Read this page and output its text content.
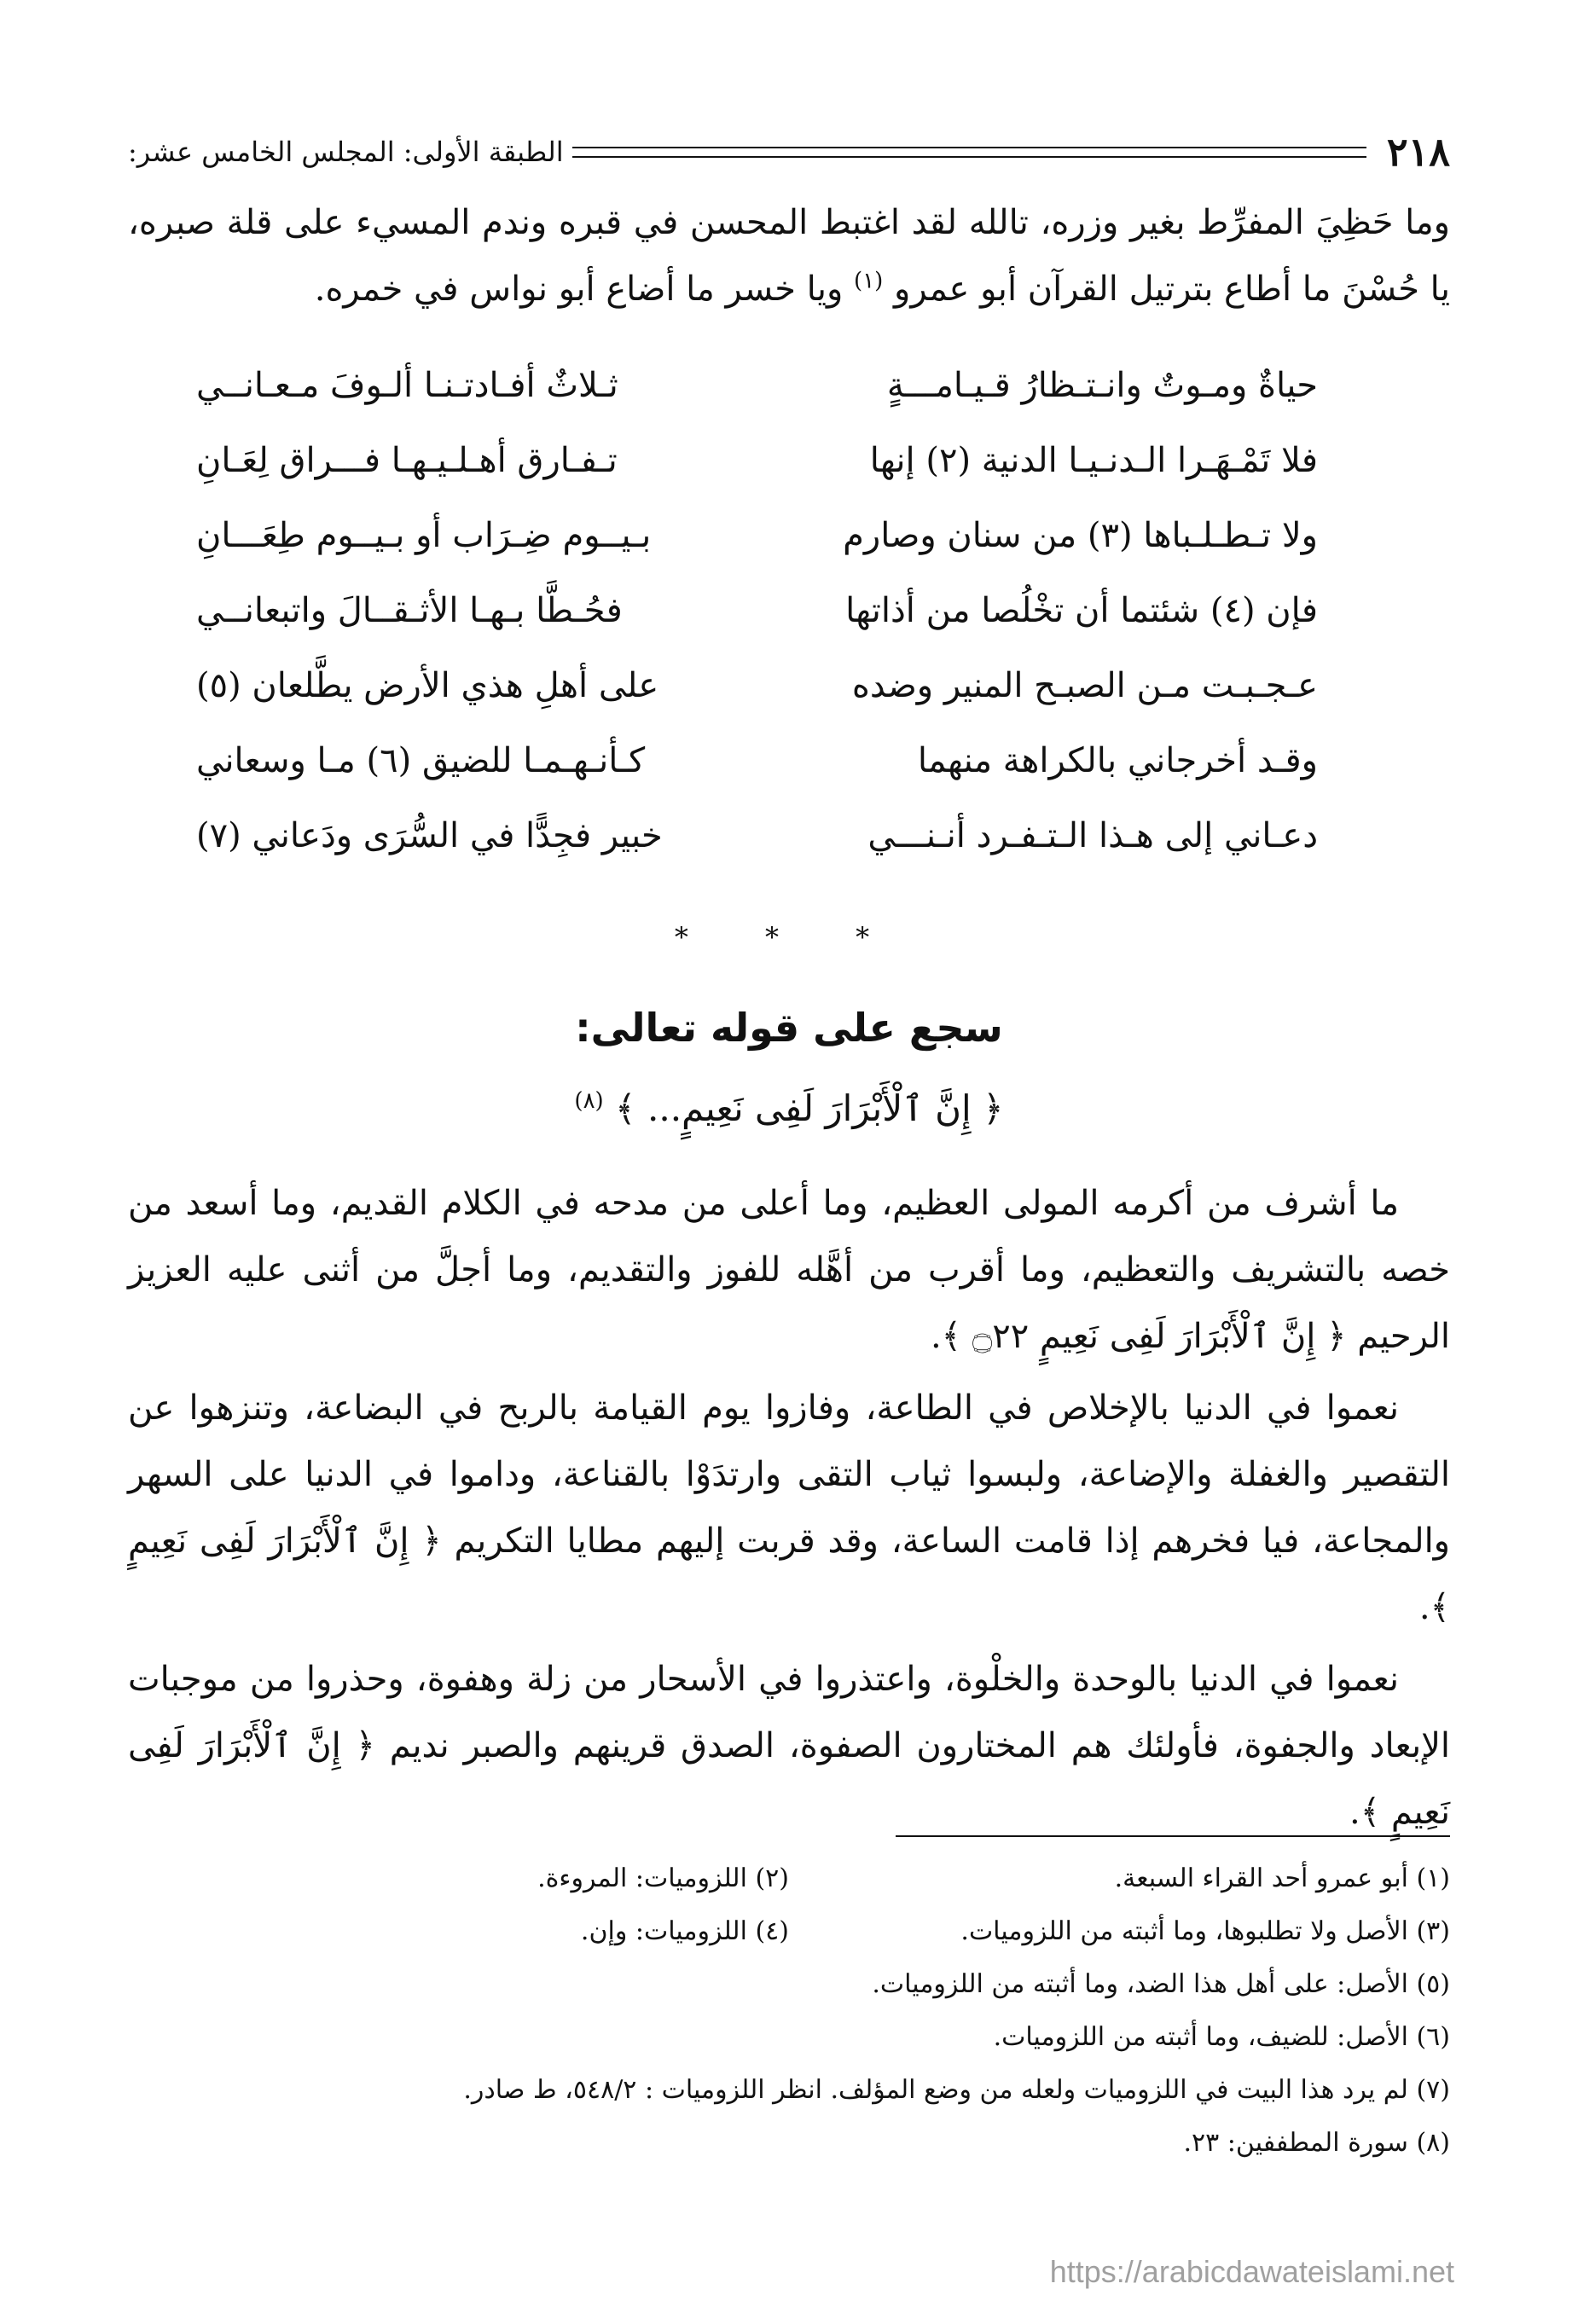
٢١٨
الطبقة الأولى: المجلس الخامس عشر:

وما حَظِيَ المفرِّط بغير وزره، تالله لقد اغتبط المحسن في قبره وندم المسيء على قلة صبره، يا حُسْنَ ما أطاع بترتيل القرآن أبو عمرو $^{(١)}$ ويا خسر ما أضاع أبو نواس في خمره.

حياةٌ ومـوتٌ وانـتـظارُ قـيـامـــةٍ
ثـلاثٌ أفـادتـنـا ألـوفَ مـعـانــي
فلا تَمْـهَـرا الـدنـيـا الدنية (٢) إنها
تـفـارق أهـلـيـهـا فـــراق لِعَـانِ
ولا تـطـلـباها (٣) من سنان وصارم
بـيــوم ضِـرَاب أو بـيــوم طِعَـــانِ
فإن (٤) شئتما أن تخْلُصا من أذاتها
فحُـطَّا بـهـا الأثـقــالَ واتبعانــي
عـجـبـت مـن الصبـح المنير وضده
على أهلِ هذي الأرض يطَّلعان (٥)
وقـد أخرجاني بالكراهة منهما
كـأنـهـمـا للضيق (٦) مـا وسعاني
دعـاني إلى هـذا الـتـفـرد أنـنـــي
خبير فجِدًّا في السُّرَى ودَعاني (٧)
* * *
سجع على قوله تعالى:
﴿ إِنَّ ٱلْأَبْرَارَ لَفِى نَعِيمٍ... ﴾ $^{(٨)}$

ما أشرف من أكرمه المولى العظيم، وما أعلى من مدحه في الكلام القديم، وما أسعد من خصه بالتشريف والتعظيم، وما أقرب من أهَّله للفوز والتقديم، وما أجلَّ من أثنى عليه العزيز الرحيم ﴿ إِنَّ ٱلْأَبْرَارَ لَفِى نَعِيمٍ ۝٢٢ ﴾.

نعموا في الدنيا بالإخلاص في الطاعة، وفازوا يوم القيامة بالربح في البضاعة، وتنزهوا عن التقصير والغفلة والإضاعة، ولبسوا ثياب التقى وارتدَوْا بالقناعة، وداموا في الدنيا على السهر والمجاعة، فيا فخرهم إذا قامت الساعة، وقد قربت إليهم مطايا التكريم ﴿ إِنَّ ٱلْأَبْرَارَ لَفِى نَعِيمٍ ﴾.

نعموا في الدنيا بالوحدة والخلْوة، واعتذروا في الأسحار من زلة وهفوة، وحذروا من موجبات الإبعاد والجفوة، فأولئك هم المختارون الصفوة، الصدق قرينهم والصبر نديم ﴿ إِنَّ ٱلْأَبْرَارَ لَفِى نَعِيمٍ ﴾.

(١) أبو عمرو أحد القراء السبعة.
(٢) اللزوميات: المروءة.
(٣) الأصل ولا تطلبوها، وما أثبته من اللزوميات.
(٤) اللزوميات: وإن.
(٥) الأصل: على أهل هذا الضد، وما أثبته من اللزوميات.
(٦) الأصل: للضيف، وما أثبته من اللزوميات.
(٧) لم يرد هذا البيت في اللزوميات ولعله من وضع المؤلف. انظر اللزوميات : ٥٤٨/٢، ط صادر.
(٨) سورة المطففين: ٢٣.
https://arabicdawateislami.net
